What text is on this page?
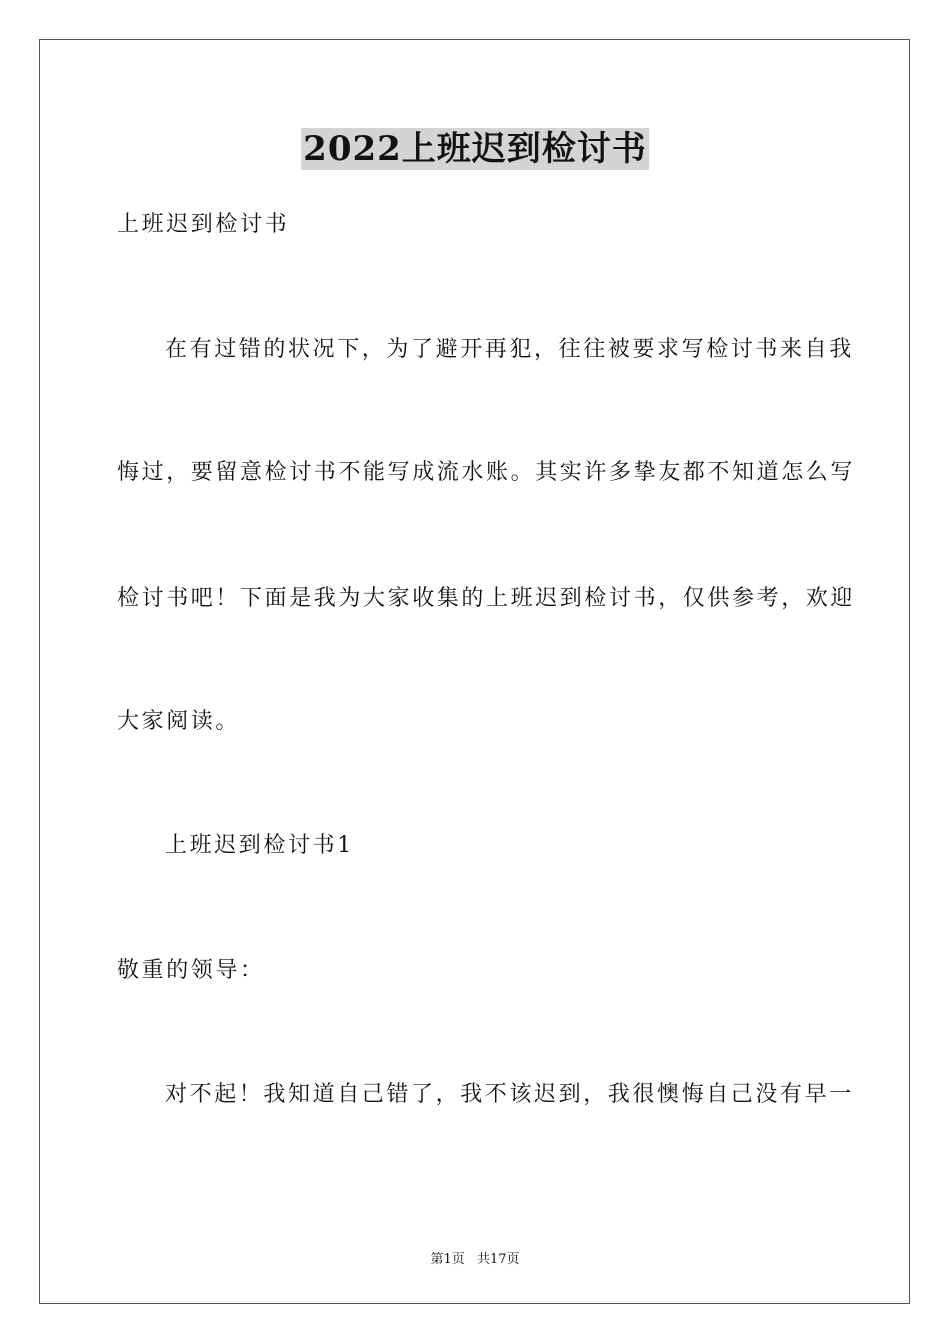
2022上班迟到检讨书
上班迟到检讨书
在有过错的状况下，为了避开再犯，往往被要求写检讨书来自我
悔过，要留意检讨书不能写成流水账。其实许多挚友都不知道怎么写
检讨书吧！下面是我为大家收集的上班迟到检讨书，仅供参考，欢迎
大家阅读。
上班迟到检讨书1
敬重的领导：
对不起！我知道自己错了，我不该迟到，我很懊悔自己没有早一
第1页 共17页
